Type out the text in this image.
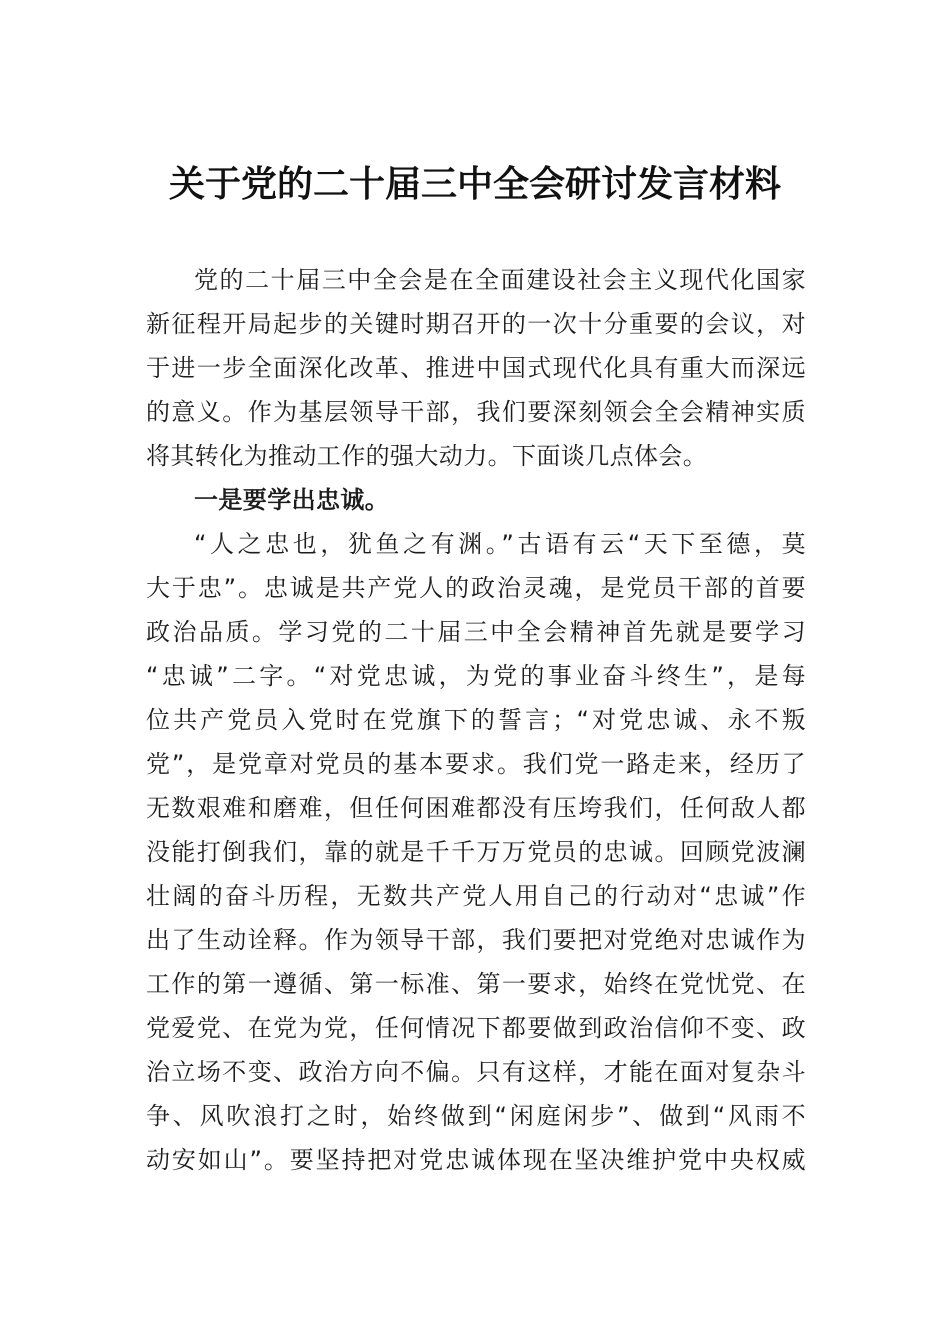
关于党的二十届三中全会研讨发言材料
党的二十届三中全会是在全面建设社会主义现代化国家
新征程开局起步的关键时期召开的一次十分重要的会议，对
于进一步全面深化改革、推进中国式现代化具有重大而深远
的意义。作为基层领导干部，我们要深刻领会全会精神实质
将其转化为推动工作的强大动力。下面谈几点体会。
一是要学出忠诚。
“人之忠也，犹鱼之有渊。”古语有云“天下至德，莫
大于忠”。忠诚是共产党人的政治灵魂，是党员干部的首要
政治品质。学习党的二十届三中全会精神首先就是要学习
“忠诚”二字。“对党忠诚，为党的事业奋斗终生”，是每
位共产党员入党时在党旗下的誓言；“对党忠诚、永不叛
党”，是党章对党员的基本要求。我们党一路走来，经历了
无数艰难和磨难，但任何困难都没有压垮我们，任何敌人都
没能打倒我们，靠的就是千千万万党员的忠诚。回顾党波澜
壮阔的奋斗历程，无数共产党人用自己的行动对“忠诚”作
出了生动诠释。作为领导干部，我们要把对党绝对忠诚作为
工作的第一遵循、第一标准、第一要求，始终在党忧党、在
党爱党、在党为党，任何情况下都要做到政治信仰不变、政
治立场不变、政治方向不偏。只有这样，才能在面对复杂斗
争、风吹浪打之时，始终做到“闲庭闲步”、做到“风雨不
动安如山”。要坚持把对党忠诚体现在坚决维护党中央权威
